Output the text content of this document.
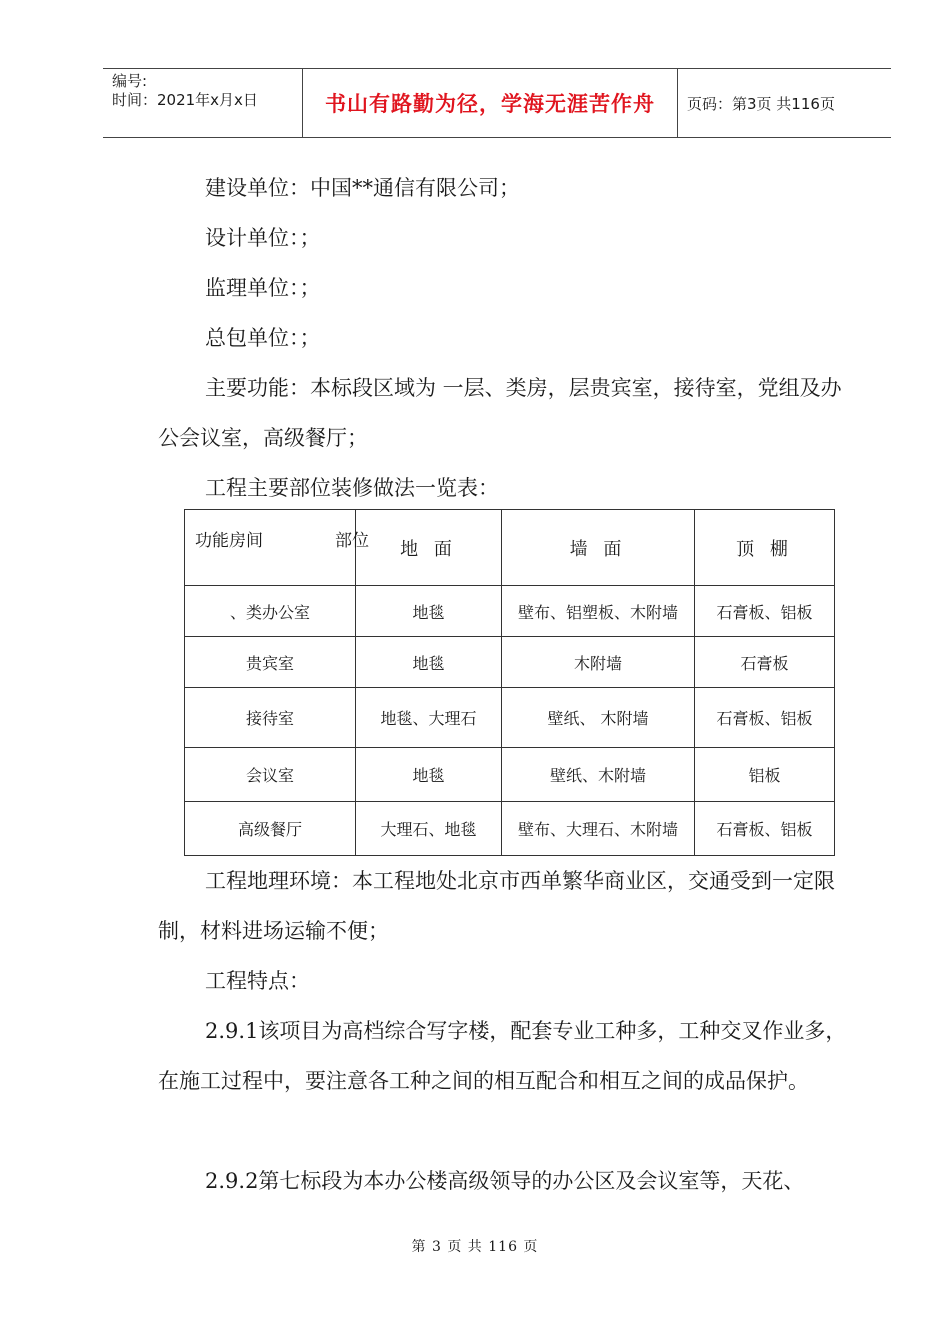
编号:
时间：2021年x月x日	书山有路勤为径，学海无涯苦作舟	页码：第3页 共116页

建设单位：中国**通信有限公司；

设计单位：；

监理单位：；

总包单位：；

主要功能：本标段区域为 一层、类房，层贵宾室，接待室，党组及办公会议室，高级餐厅；

工程主要部位装修做法一览表：

功能房间 部位	地 面	墙 面	顶 棚
、类办公室	地毯	壁布、铝塑板、木附墙	石膏板、铝板
贵宾室	地毯	木附墙	石膏板
接待室	地毯、大理石	壁纸、 木附墙	石膏板、铝板
会议室	地毯	壁纸、木附墙	铝板
高级餐厅	大理石、地毯	壁布、大理石、木附墙	石膏板、铝板

工程地理环境：本工程地处北京市西单繁华商业区，交通受到一定限制，材料进场运输不便；

工程特点：

2.9.1该项目为高档综合写字楼，配套专业工种多，工种交叉作业多，在施工过程中，要注意各工种之间的相互配合和相互之间的成品保护。

2.9.2第七标段为本办公楼高级领导的办公区及会议室等，天花、

第 3 页 共 116 页
